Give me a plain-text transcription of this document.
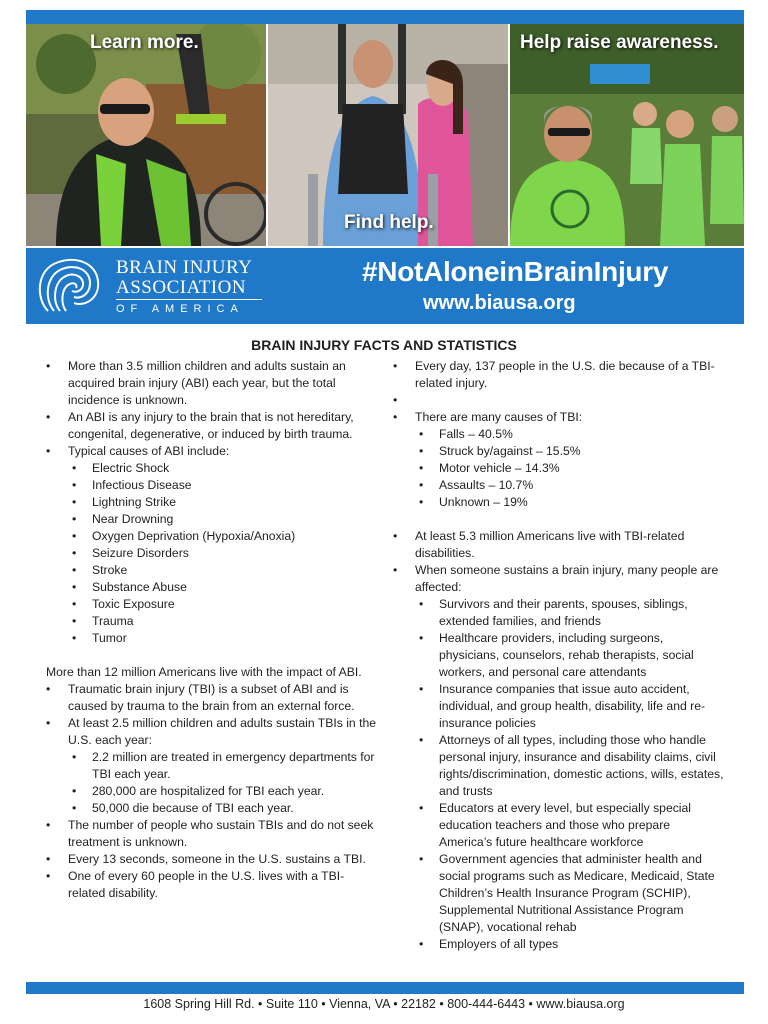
Learn more.
Find help.
Help raise awareness.
BRAIN INJURY
ASSOCIATION
OF AMERICA
#NotAloneinBrainInjury
www.biausa.org
BRAIN INJURY FACTS AND STATISTICS
• More than 3.5 million children and adults sustain an acquired brain injury (ABI) each year, but the total incidence is unknown.
• An ABI is any injury to the brain that is not hereditary, congenital, degenerative, or induced by birth trauma.
• Typical causes of ABI include:
• Electric Shock
• Infectious Disease
• Lightning Strike
• Near Drowning
• Oxygen Deprivation (Hypoxia/Anoxia)
• Seizure Disorders
• Stroke
• Substance Abuse
• Toxic Exposure
• Trauma
• Tumor

More than 12 million Americans live with the impact of ABI.

• Traumatic brain injury (TBI) is a subset of ABI and is caused by trauma to the brain from an external force.
• At least 2.5 million children and adults sustain TBIs in the U.S. each year:
• 2.2 million are treated in emergency departments for TBI each year.
• 280,000 are hospitalized for TBI each year.
• 50,000 die because of TBI each year.
• The number of people who sustain TBIs and do not seek treatment is unknown.
• Every 13 seconds, someone in the U.S. sustains a TBI.
• One of every 60 people in the U.S. lives with a TBI-related disability.
• Every day, 137 people in the U.S. die because of a TBI-related injury.
•
• There are many causes of TBI:
• Falls – 40.5%
• Struck by/against – 15.5%
• Motor vehicle – 14.3%
• Assaults – 10.7%
• Unknown – 19%
• At least 5.3 million Americans live with TBI-related disabilities.
• When someone sustains a brain injury, many people are affected:
• Survivors and their parents, spouses, siblings, extended families, and friends
• Healthcare providers, including surgeons, physicians, counselors, rehab therapists, social workers, and personal care attendants
• Insurance companies that issue auto accident, individual, and group health, disability, life and re-insurance policies
• Attorneys of all types, including those who handle personal injury, insurance and disability claims, civil rights/discrimination, domestic actions, wills, estates, and trusts
• Educators at every level, but especially special education teachers and those who prepare America’s future healthcare workforce
• Government agencies that administer health and social programs such as Medicare, Medicaid, State Children’s Health Insurance Program (SCHIP), Supplemental Nutritional Assistance Program (SNAP), vocational rehab
• Employers of all types
1608 Spring Hill Rd. • Suite 110 • Vienna, VA • 22182 • 800-444-6443 • www.biausa.org
